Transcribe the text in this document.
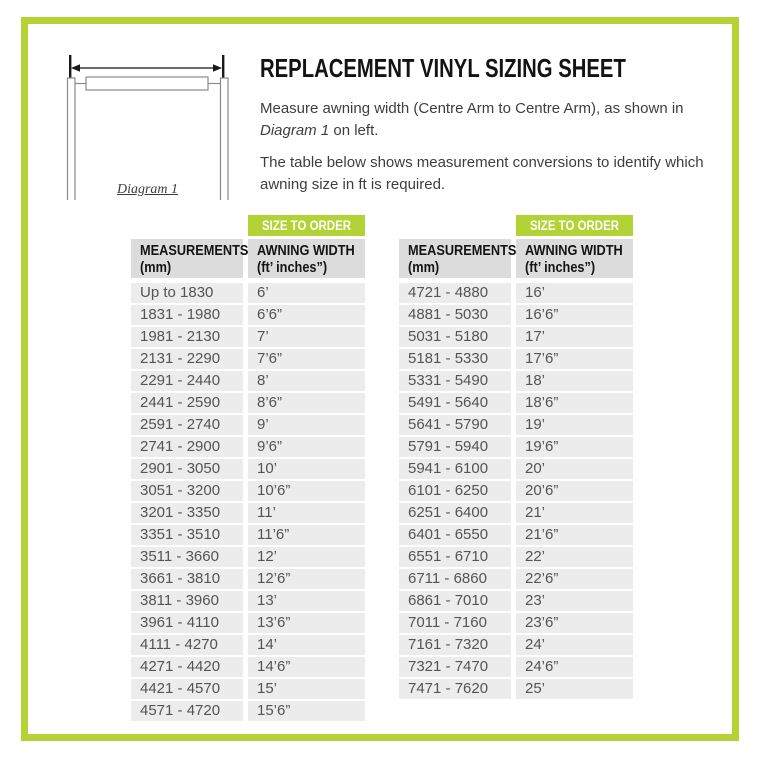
Diagram 1
REPLACEMENT VINYL SIZING SHEET

Measure awning width (Centre Arm to Centre Arm), as shown in

Diagram 1 on left.

The table below shows measurement conversions to identify which

awning size in ft is required.

SIZE TO ORDER
MEASUREMENTS
(mm)
AWNING WIDTH
(ft’ inches”)
Up to 1830	6’
1831 - 1980	6’6”
1981 - 2130	7’
2131 - 2290	7’6”
2291 - 2440	8’
2441 - 2590	8’6”
2591 - 2740	9’
2741 - 2900	9’6”
2901 - 3050	10’
3051 - 3200	10’6”
3201 - 3350	11’
3351 - 3510	11’6”
3511 - 3660	12’
3661 - 3810	12’6”
3811 - 3960	13’
3961 - 4110	13’6”
4111 - 4270	14’
4271 - 4420	14’6”
4421 - 4570	15’
4571 - 4720	15’6”
SIZE TO ORDER
MEASUREMENTS
(mm)
AWNING WIDTH
(ft’ inches”)
4721 - 4880	16’
4881 - 5030	16’6”
5031 - 5180	17’
5181 - 5330	17’6”
5331 - 5490	18’
5491 - 5640	18’6”
5641 - 5790	19’
5791 - 5940	19’6”
5941 - 6100	20’
6101 - 6250	20’6”
6251 - 6400	21’
6401 - 6550	21’6”
6551 - 6710	22’
6711 - 6860	22’6”
6861 - 7010	23’
7011 - 7160	23’6”
7161 - 7320	24’
7321 - 7470	24’6”
7471 - 7620	25’
